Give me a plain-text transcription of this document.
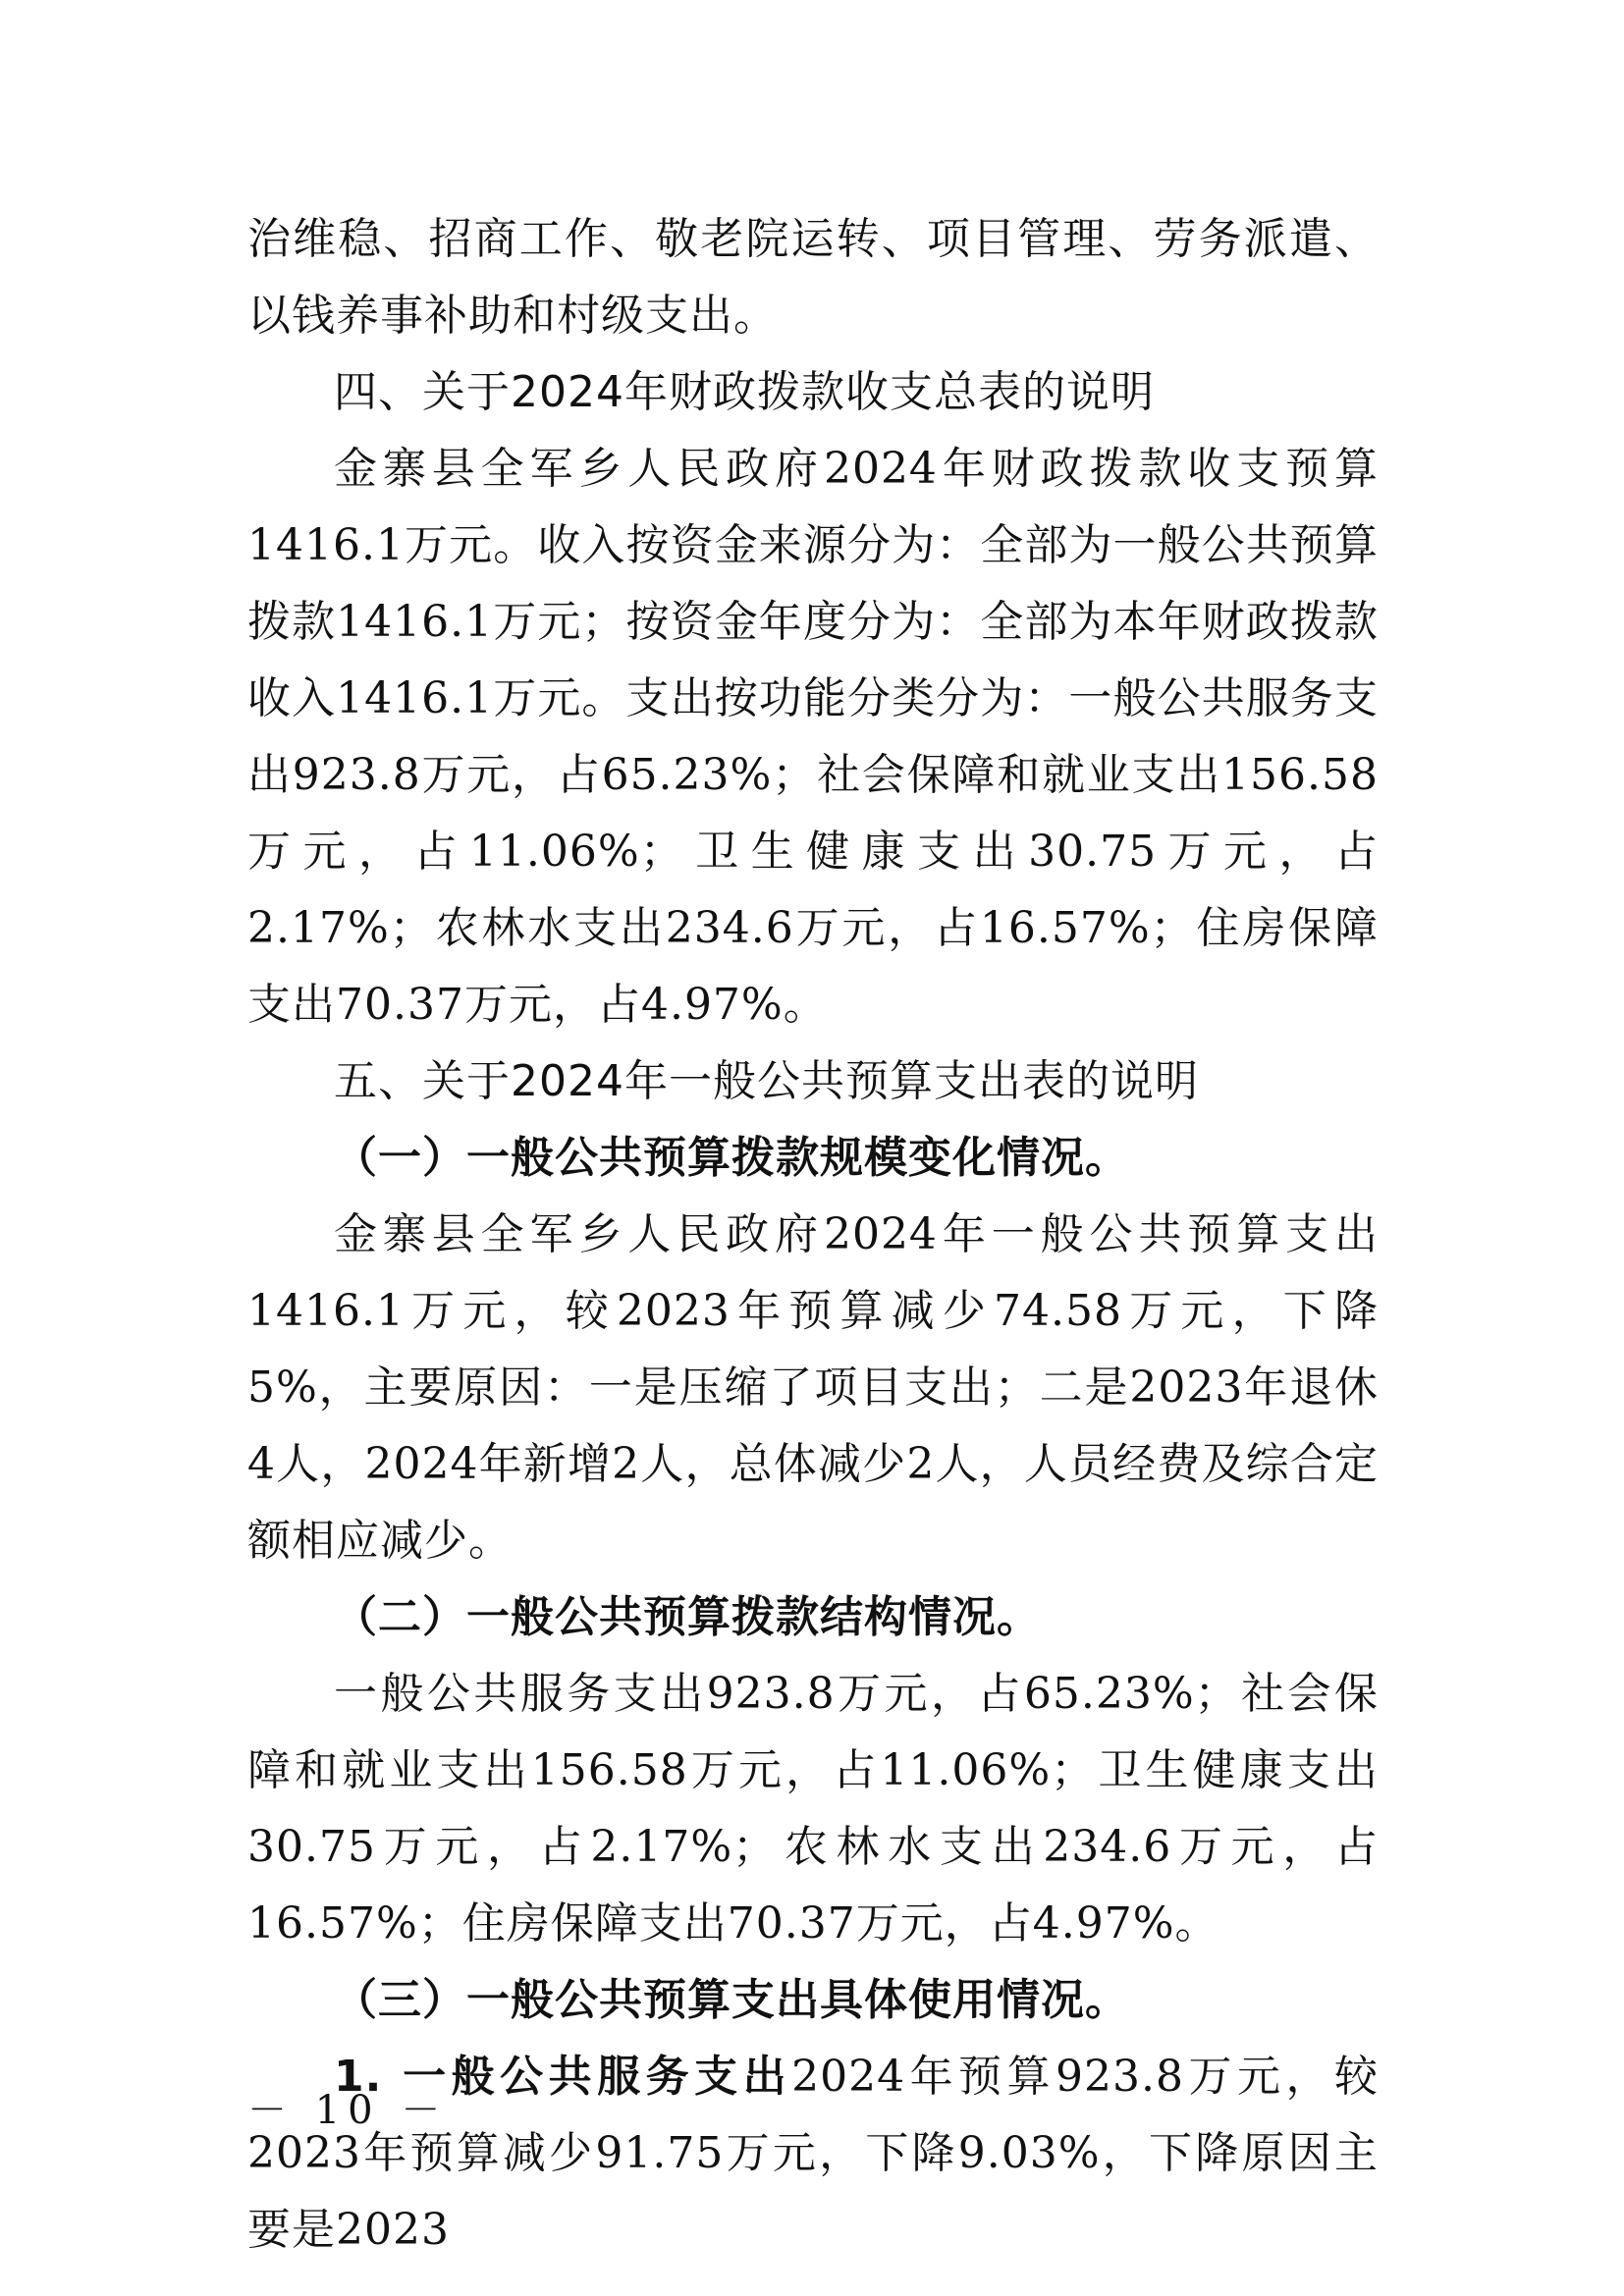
治维稳、招商工作、敬老院运转、项目管理、劳务派遣、以钱养事补助和村级支出。

四、关于2024年财政拨款收支总表的说明

金寨县全军乡人民政府2024年财政拨款收支预算1416.1万元。收入按资金来源分为：全部为一般公共预算拨款1416.1万元；按资金年度分为：全部为本年财政拨款收入1416.1万元。支出按功能分类分为：一般公共服务支出923.8万元，占65.23%；社会保障和就业支出156.58万元，占11.06%；卫生健康支出30.75万元，占2.17%；农林水支出234.6万元，占16.57%；住房保障支出70.37万元，占4.97%。

五、关于2024年一般公共预算支出表的说明

（一）一般公共预算拨款规模变化情况。

金寨县全军乡人民政府2024年一般公共预算支出1416.1万元，较2023年预算减少74.58万元，下降5%，主要原因：一是压缩了项目支出；二是2023年退休4人，2024年新增2人，总体减少2人，人员经费及综合定额相应减少。

（二）一般公共预算拨款结构情况。

一般公共服务支出923.8万元，占65.23%；社会保障和就业支出156.58万元，占11.06%；卫生健康支出30.75万元，占2.17%；农林水支出234.6万元，占16.57%；住房保障支出70.37万元，占4.97%。

（三）一般公共预算支出具体使用情况。

1. 一般公共服务支出2024年预算923.8万元，较2023年预算减少91.75万元，下降9.03%，下降原因主要是2023

－ 10 －
